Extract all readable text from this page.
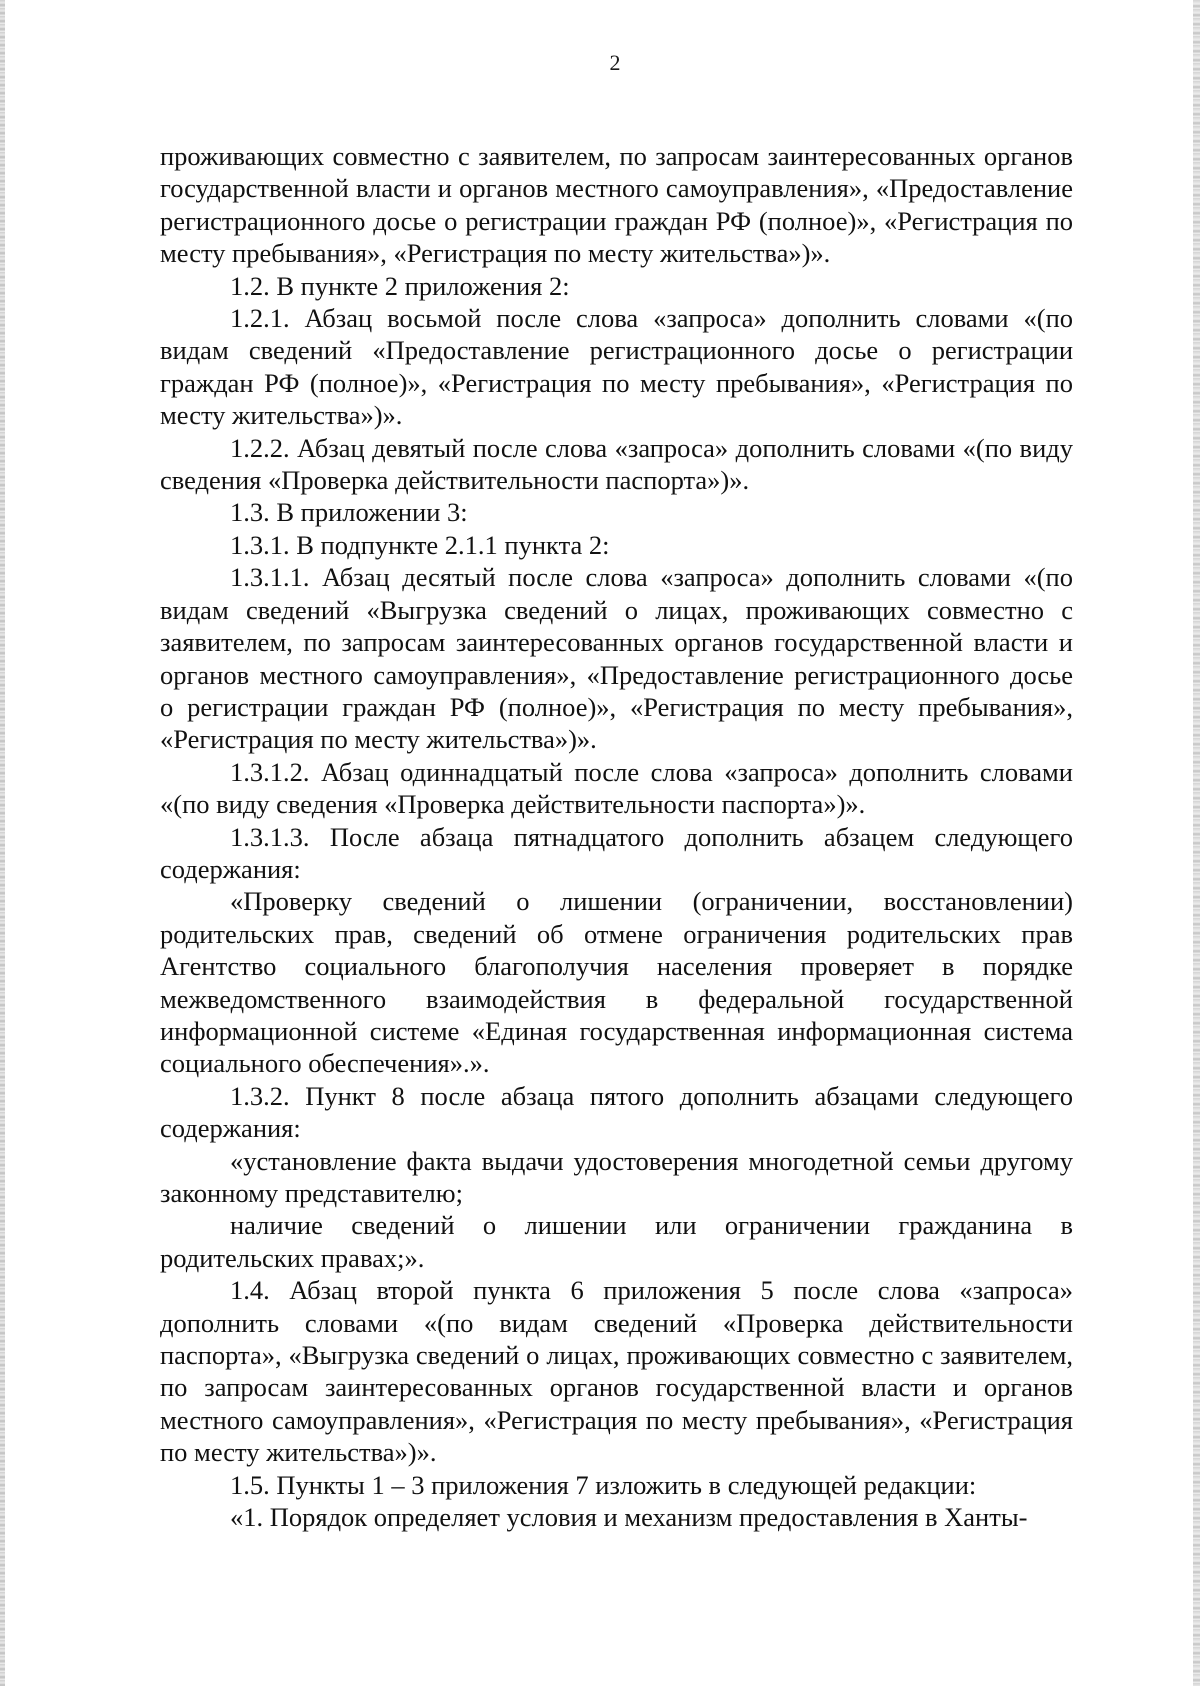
2

проживающих совместно с заявителем, по запросам заинтересованных органов государственной власти и органов местного самоуправления», «Предоставление регистрационного досье о регистрации граждан РФ (полное)», «Регистрация по месту пребывания», «Регистрация по месту жительства»)».

1.2. В пункте 2 приложения 2:

1.2.1. Абзац восьмой после слова «запроса» дополнить словами «(по видам сведений «Предоставление регистрационного досье о регистрации граждан РФ (полное)», «Регистрация по месту пребывания», «Регистрация по месту жительства»)».

1.2.2. Абзац девятый после слова «запроса» дополнить словами «(по виду сведения «Проверка действительности паспорта»)».

1.3. В приложении 3:

1.3.1. В подпункте 2.1.1 пункта 2:

1.3.1.1. Абзац десятый после слова «запроса» дополнить словами «(по видам сведений «Выгрузка сведений о лицах, проживающих совместно с заявителем, по запросам заинтересованных органов государственной власти и органов местного самоуправления», «Предоставление регистрационного досье о регистрации граждан РФ (полное)», «Регистрация по месту пребывания», «Регистрация по месту жительства»)».

1.3.1.2. Абзац одиннадцатый после слова «запроса» дополнить словами «(по виду сведения «Проверка действительности паспорта»)».

1.3.1.3. После абзаца пятнадцатого дополнить абзацем следующего содержания:

«Проверку сведений о лишении (ограничении, восстановлении) родительских прав, сведений об отмене ограничения родительских прав Агентство социального благополучия населения проверяет в порядке межведомственного взаимодействия в федеральной государственной информационной системе «Единая государственная информационная система социального обеспечения».».

1.3.2. Пункт 8 после абзаца пятого дополнить абзацами следующего содержания:

«установление факта выдачи удостоверения многодетной семьи другому законному представителю;

наличие сведений о лишении или ограничении гражданина в родительских правах;».

1.4. Абзац второй пункта 6 приложения 5 после слова «запроса» дополнить словами «(по видам сведений «Проверка действительности паспорта», «Выгрузка сведений о лицах, проживающих совместно с заявителем, по запросам заинтересованных органов государственной власти и органов местного самоуправления», «Регистрация по месту пребывания», «Регистрация по месту жительства»)».

1.5. Пункты 1 – 3 приложения 7 изложить в следующей редакции:

«1. Порядок определяет условия и механизм предоставления в Ханты-
